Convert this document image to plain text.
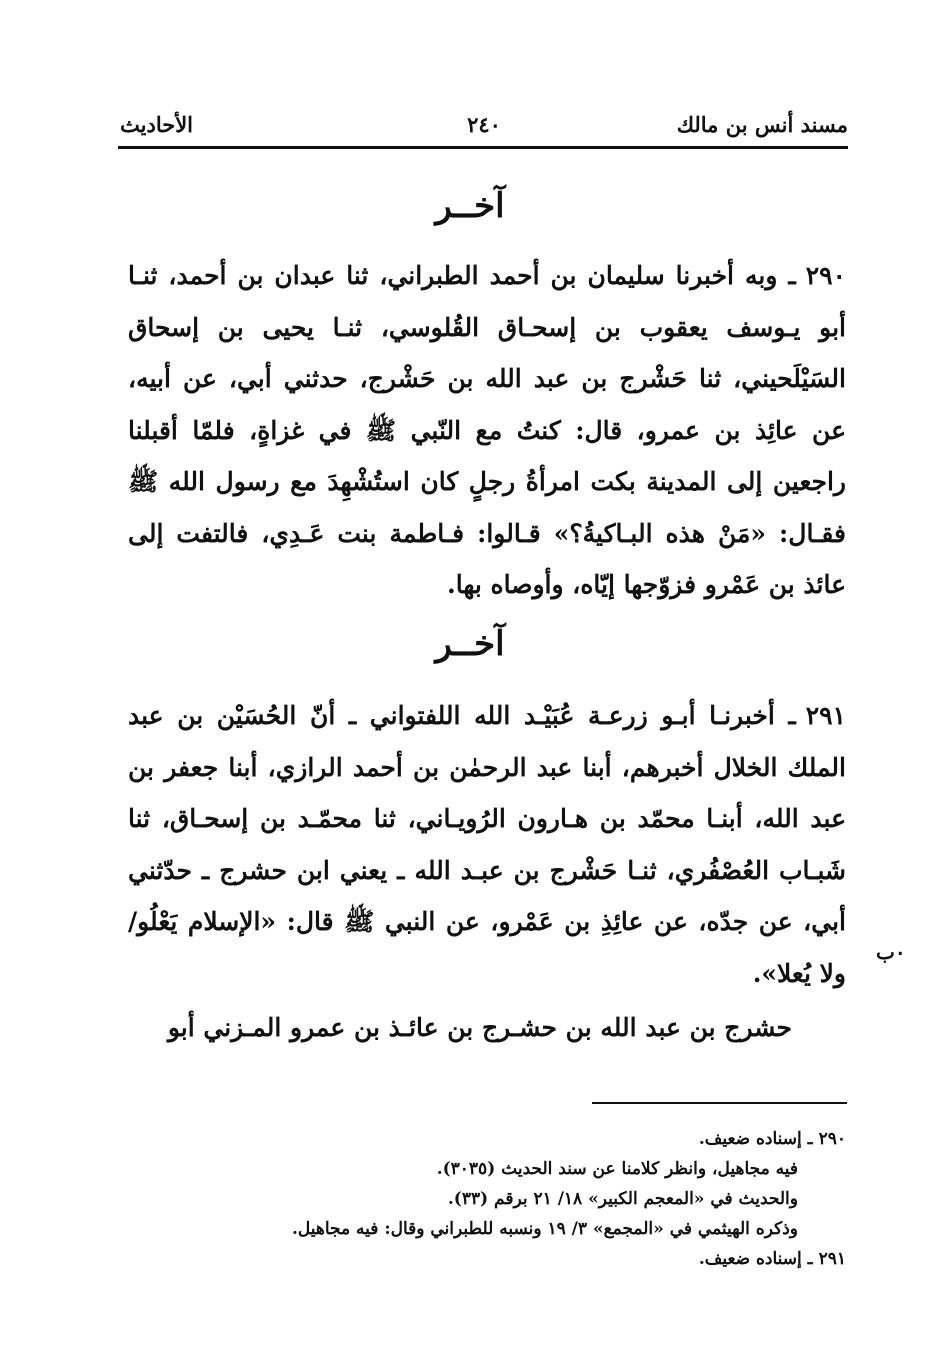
مسند أنس بن مالك
٢٤٠
الأحاديث
آخــر
٢٩٠ـ وبه أخبرنا سليمان بن أحمد الطبراني، ثنا عبدان بن أحمد، ثنـا أبو يـوسف يعقوب بن إسحـاق القُلوسي، ثنـا يحيى بن إسحاق السَيْلَحيني، ثنا حَشْرج بن عبد الله بن حَشْرج، حدثني أبي، عن أبيه، عن عائِذ بن عمرو، قال: كنتُ مع النّبي ﷺ في غزاةٍ، فلمّا أقبلنا راجعين إلى المدينة بكت امرأةُ رجلٍ كان استُشْهِدَ مع رسول الله ﷺ فقـال: «مَنْ هذه البـاكيةُ؟» قـالوا: فـاطمة بنت عَـدِي، فالتفت إلى عائذ بن عَمْرو فزوّجها إيّاه، وأوصاه بها.
آخــر
٢٩١ـ أخبرنـا أبـو زرعـة عُبَيْـد الله اللفتواني ـ أنّ الحُسَيْن بن عبد الملك الخلال أخبرهم، أبنا عبد الرحمٰن بن أحمد الرازي، أبنا جعفر بن عبد الله، أبنـا محمّد بن هـارون الرُويـاني، ثنا محمّـد بن إسحـاق، ثنا شَبـاب العُصْفُري، ثنـا حَشْرج بن عبـد الله ـ يعني ابن حشرج ـ حدّثني أبي، عن جدّه، عن عائِذِ بن عَمْرو، عن النبي ﷺ قال: «الإسلام يَعْلُو/ ولا يُعلا».
٠ب
حشرج بن عبد الله بن حشـرج بن عائـذ بن عمرو المـزني أبو
٢٩٠ ـ إسناده ضعيف.
فيه مجاهيل، وانظر كلامنا عن سند الحديث (٣٠٣٥).
والحديث في «المعجم الكبير» ١٨/ ٢١ برقم (٣٣).
وذكره الهيثمي في «المجمع» ٣/ ١٩ ونسبه للطبراني وقال: فيه مجاهيل.
٢٩١ ـ إسناده ضعيف.
